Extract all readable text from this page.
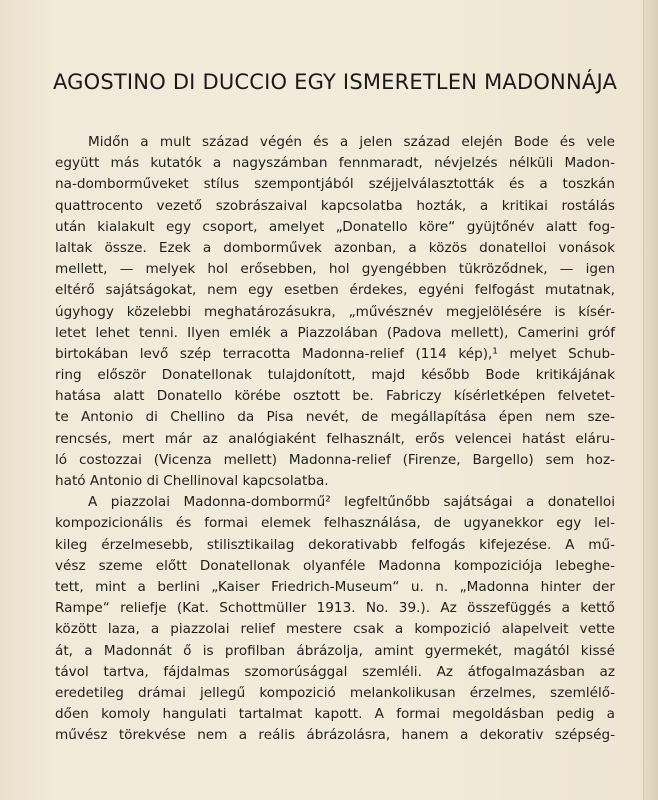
AGOSTINO DI DUCCIO EGY ISMERETLEN MADONNÁJA
Midőn a mult század végén és a jelen század elején Bode és vele
együtt más kutatók a nagyszámban fennmaradt, névjelzés nélküli Madon-
na-domborműveket stílus szempontjából széjjelválasztották és a toszkán
quattrocento vezető szobrászaival kapcsolatba hozták, a kritikai rostálás
után kialakult egy csoport, amelyet „Donatello köre“ gyüjtőnév alatt fog-
laltak össze. Ezek a domborművek azonban, a közös donatelloi vonások
mellett, — melyek hol erősebben, hol gyengébben tükröződnek, — igen
eltérő sajátságokat, nem egy esetben érdekes, egyéni felfogást mutatnak,
úgyhogy közelebbi meghatározásukra, „művésznév megjelölésére is kísér-
letet lehet tenni. Ilyen emlék a Piazzolában (Padova mellett), Camerini gróf
birtokában levő szép terracotta Madonna-relief (114 kép),¹ melyet Schub-
ring először Donatellonak tulajdonított, majd később Bode kritikájának
hatása alatt Donatello körébe osztott be. Fabriczy kísérletképen felvetet-
te Antonio di Chellino da Pisa nevét, de megállapítása épen nem sze-
rencsés, mert már az analógiaként felhasznált, erős velencei hatást eláru-
ló costozzai (Vicenza mellett) Madonna-relief (Firenze, Bargello) sem hoz-
ható Antonio di Chellinoval kapcsolatba.
A piazzolai Madonna-dombormű² legfeltűnőbb sajátságai a donatelloi
kompozicionális és formai elemek felhasználása, de ugyanekkor egy lel-
kileg érzelmesebb, stilisztikailag dekorativabb felfogás kifejezése. A mű-
vész szeme előtt Donatellonak olyanféle Madonna kompoziciója lebeghe-
tett, mint a berlini „Kaiser Friedrich-Museum“ u. n. „Madonna hinter der
Rampe“ reliefje (Kat. Schottmüller 1913. No. 39.). Az összefüggés a kettő
között laza, a piazzolai relief mestere csak a kompozició alapelveit vette
át, a Madonnát ő is profilban ábrázolja, amint gyermekét, magától kissé
távol tartva, fájdalmas szomorúsággal szemléli. Az átfogalmazásban az
eredetileg drámai jellegű kompozició melankolikusan érzelmes, szemlélő-
dően komoly hangulati tartalmat kapott. A formai megoldásban pedig a
művész törekvése nem a reális ábrázolásra, hanem a dekorativ szépség-
